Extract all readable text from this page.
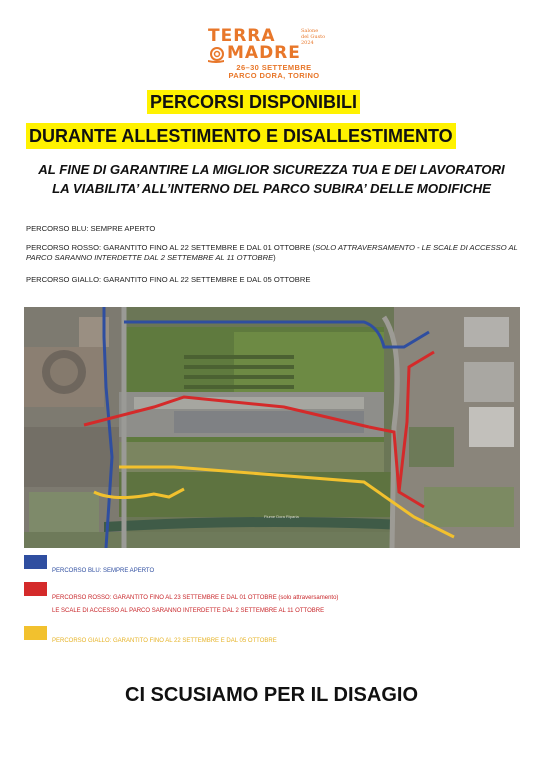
TERRA
MADRE
Salone
del Gusto
2024
26–30 SETTEMBRE
PARCO DORA, TORINO
PERCORSI DISPONIBILI
DURANTE ALLESTIMENTO E DISALLESTIMENTO
AL FINE DI GARANTIRE LA MIGLIOR SICUREZZA TUA E DEI LAVORATORI
LA VIABILITA’ ALL’INTERNO DEL PARCO SUBIRA’ DELLE MODIFICHE
PERCORSO BLU: SEMPRE APERTO
PERCORSO ROSSO: GARANTITO FINO AL 22 SETTEMBRE E DAL 01 OTTOBRE (SOLO ATTRAVERSAMENTO - LE SCALE DI ACCESSO AL PARCO SARANNO INTERDETTE DAL 2 SETTEMBRE AL 11 OTTOBRE)
PERCORSO GIALLO: GARANTITO FINO AL 22 SETTEMBRE E DAL 05 OTTOBRE
Fiume Dora Riparia
PERCORSO BLU: SEMPRE APERTO
PERCORSO ROSSO: GARANTITO FINO AL 23 SETTEMBRE E DAL 01 OTTOBRE (solo attraversamento)
LE SCALE DI ACCESSO AL PARCO SARANNO INTERDETTE DAL 2 SETTEMBRE AL 11 OTTOBRE
PERCORSO GIALLO: GARANTITO FINO AL 22 SETTEMBRE E DAL 05 OTTOBRE
CI SCUSIAMO PER IL DISAGIO
